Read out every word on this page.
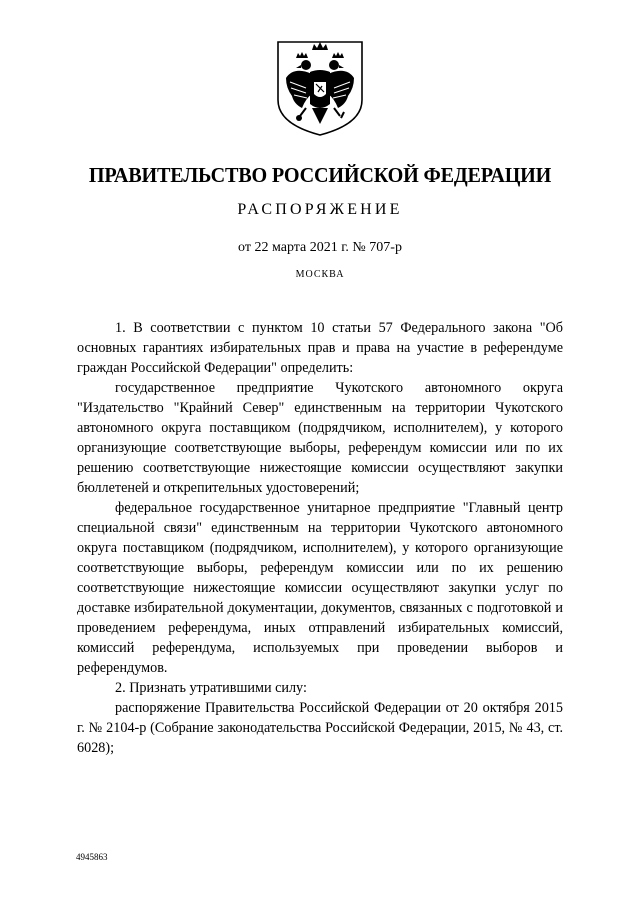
ПРАВИТЕЛЬСТВО РОССИЙСКОЙ ФЕДЕРАЦИИ
РАСПОРЯЖЕНИЕ
от 22 марта 2021 г. № 707-р
МОСКВА

1. В соответствии с пунктом 10 статьи 57 Федерального закона "Об основных гарантиях избирательных прав и права на участие в референдуме граждан Российской Федерации" определить:

государственное предприятие Чукотского автономного округа "Издательство "Крайний Север" единственным на территории Чукотского автономного округа поставщиком (подрядчиком, исполнителем), у которого организующие соответствующие выборы, референдум комиссии или по их решению соответствующие нижестоящие комиссии осуществляют закупки бюллетеней и открепительных удостоверений;

федеральное государственное унитарное предприятие "Главный центр специальной связи" единственным на территории Чукотского автономного округа поставщиком (подрядчиком, исполнителем), у которого организующие соответствующие выборы, референдум комиссии или по их решению соответствующие нижестоящие комиссии осуществляют закупки услуг по доставке избирательной документации, документов, связанных с подготовкой и проведением референдума, иных отправлений избирательных комиссий, комиссий референдума, используемых при проведении выборов и референдумов.

2. Признать утратившими силу:

распоряжение Правительства Российской Федерации от 20 октября 2015 г. № 2104-р (Собрание законодательства Российской Федерации, 2015, № 43, ст. 6028);

4945863
